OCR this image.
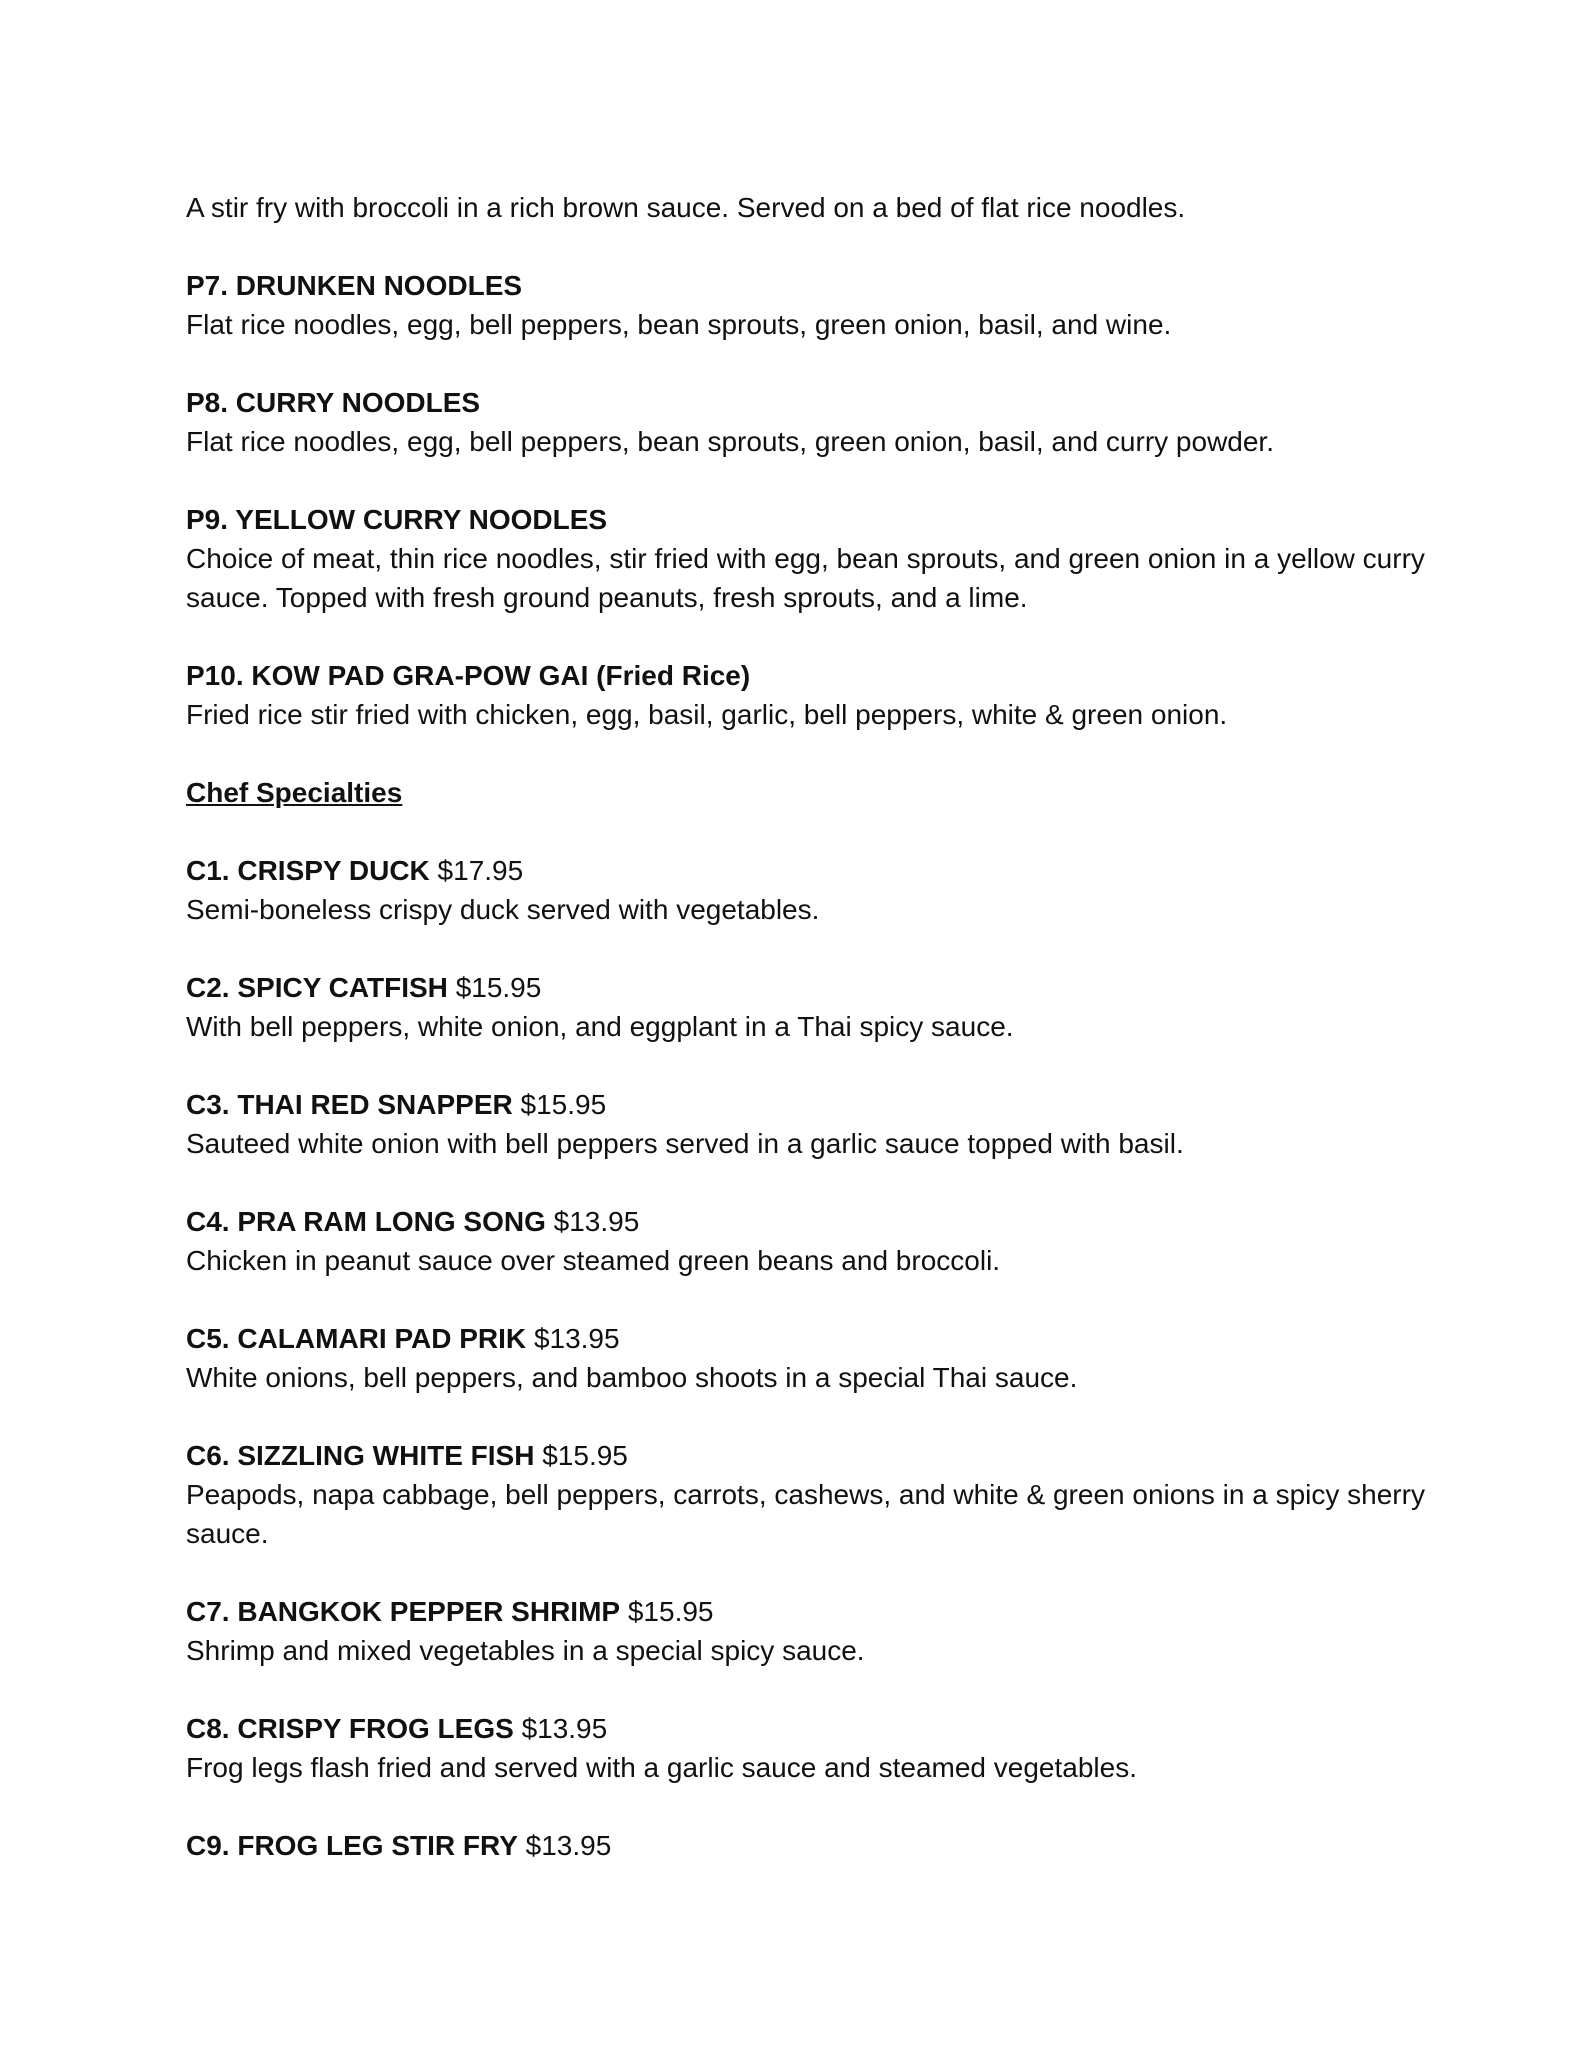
A stir fry with broccoli in a rich brown sauce. Served on a bed of flat rice noodles.
P7. DRUNKEN NOODLES
Flat rice noodles, egg, bell peppers, bean sprouts, green onion, basil, and wine.
P8. CURRY NOODLES
Flat rice noodles, egg, bell peppers, bean sprouts, green onion, basil, and curry powder.
P9. YELLOW CURRY NOODLES
Choice of meat, thin rice noodles, stir fried with egg, bean sprouts, and green onion in a yellow curry sauce. Topped with fresh ground peanuts, fresh sprouts, and a lime.
P10. KOW PAD GRA-POW GAI (Fried Rice)
Fried rice stir fried with chicken, egg, basil, garlic, bell peppers, white & green onion.
Chef Specialties
C1. CRISPY DUCK $17.95
Semi-boneless crispy duck served with vegetables.
C2. SPICY CATFISH $15.95
With bell peppers, white onion, and eggplant in a Thai spicy sauce.
C3. THAI RED SNAPPER $15.95
Sauteed white onion with bell peppers served in a garlic sauce topped with basil.
C4. PRA RAM LONG SONG $13.95
Chicken in peanut sauce over steamed green beans and broccoli.
C5. CALAMARI PAD PRIK $13.95
White onions, bell peppers, and bamboo shoots in a special Thai sauce.
C6. SIZZLING WHITE FISH $15.95
Peapods, napa cabbage, bell peppers, carrots, cashews, and white & green onions in a spicy sherry sauce.
C7. BANGKOK PEPPER SHRIMP $15.95
Shrimp and mixed vegetables in a special spicy sauce.
C8. CRISPY FROG LEGS $13.95
Frog legs flash fried and served with a garlic sauce and steamed vegetables.
C9. FROG LEG STIR FRY $13.95
